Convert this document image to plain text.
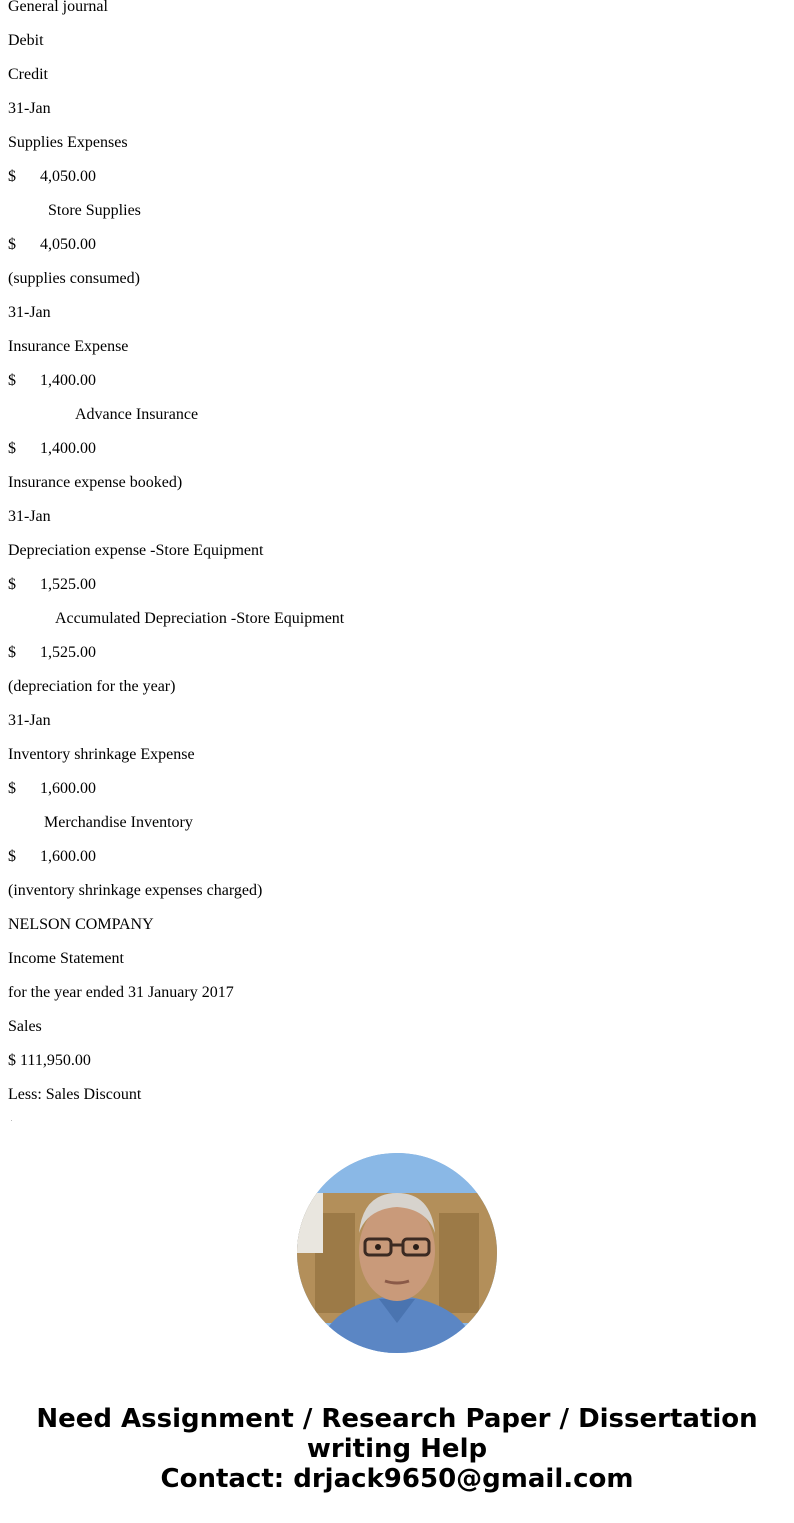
General journal
Debit
Credit
31-Jan
Supplies Expenses
$ 4,050.00
Store Supplies
$ 4,050.00
(supplies consumed)
31-Jan
Insurance Expense
$ 1,400.00
Advance Insurance
$ 1,400.00
Insurance expense booked)
31-Jan
Depreciation expense -Store Equipment
$ 1,525.00
Accumulated Depreciation -Store Equipment
$ 1,525.00
(depreciation for the year)
31-Jan
Inventory shrinkage Expense
$ 1,600.00
Merchandise Inventory
$ 1,600.00
(inventory shrinkage expenses charged)
NELSON COMPANY
Income Statement
for the year ended 31 January 2017
Sales
$ 111,950.00
Less: Sales Discount
Need Assignment / Research Paper / Dissertation
writing Help
Contact: drjack9650@gmail.com
